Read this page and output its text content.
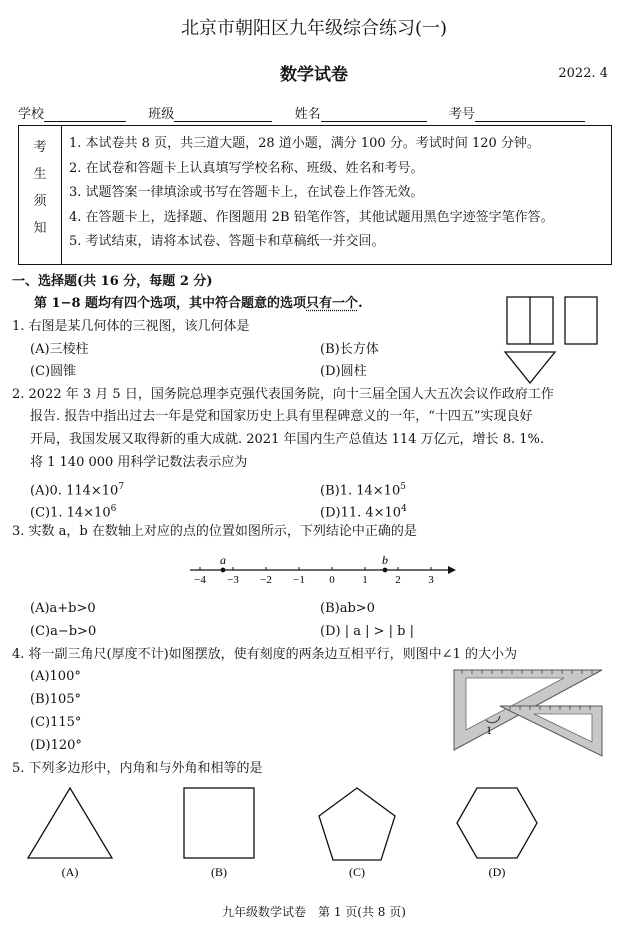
北京市朝阳区九年级综合练习(一)
数学试卷	2022. 4
学校	班级	姓名	考号
考
生
须
知
1. 本试卷共 8 页，共三道大题，28 道小题，满分 100 分。考试时间 120 分钟。
2. 在试卷和答题卡上认真填写学校名称、班级、姓名和考号。
3. 试题答案一律填涂或书写在答题卡上，在试卷上作答无效。
4. 在答题卡上，选择题、作图题用 2B 铅笔作答，其他试题用黑色字迹签字笔作答。
5. 考试结束，请将本试卷、答题卡和草稿纸一并交回。
一、选择题(共 16 分，每题 2 分)
第 1−8 题均有四个选项，其中符合题意的选项只有一个.
1. 右图是某几何体的三视图，该几何体是
(A)三棱柱	(B)长方体
(C)圆锥	(D)圆柱
2. 2022 年 3 月 5 日，国务院总理李克强代表国务院，向十三届全国人大五次会议作政府工作
报告. 报告中指出过去一年是党和国家历史上具有里程碑意义的一年，“十四五”实现良好
开局，我国发展又取得新的重大成就. 2021 年国内生产总值达 114 万亿元，增长 8. 1%.
将 1 140 000 用科学记数法表示应为
(A)0. $114\times 10^7$	(B)1. $14\times 10^5$
(C)1. $14\times 10^6$	(D)11. $4\times 10^4$
3. 实数 a，b 在数轴上对应的点的位置如图所示，下列结论中正确的是
a	b
−4 −3 −2 −1 0	1	2	3
(A)a+b>0	(B)ab>0
(C)a−b>0	(D) | a | > | b |
4. 将一副三角尺(厚度不计)如图摆放，使有刻度的两条边互相平行，则图中∠1 的大小为
(A)100°
(B)105°
(C)115°
(D)120°
1
5. 下列多边形中，内角和与外角和相等的是
(A)	(B)	(C)	(D)
九年级数学试卷　第 1 页(共 8 页)
